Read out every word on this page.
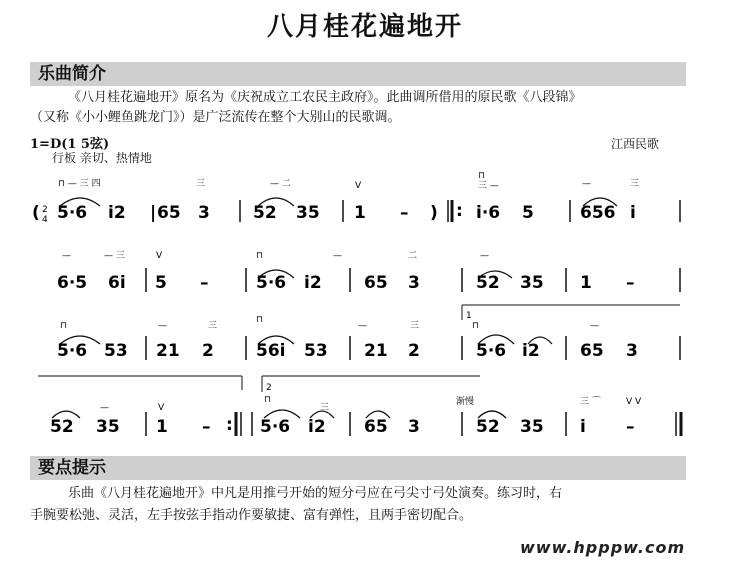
八月桂花遍地开
乐曲简介
《八月桂花遍地开》原名为《庆祝成立工农民主政府》。此曲调所借用的原民歌《八段锦》
（又称《小小鲤鱼跳龙门》）是广泛流传在整个大别山的民歌调。
1=D(1 5弦)
行板 亲切、热情地
江西民歌
⊓ — 三 四	三	— 二	V
⊓
三 —	—	三
( 2
4 5·6 i2 | 65 3	52 35 1 – ) : i·6 5	656 i
—	— 三	V	⊓	—	二	—
6·5 6i 5 –	5·6 i2 65 3	52 35 1 –
1
⊓	—	三
⊓
—	三	⊓	—
5·6 53 21 2 56i 53 21 2	5·6 i2 65 3
2
渐慢
—	V
⊓
三
三 ⌒	V V
52 35 1 – : 5·6 i2 65 3	52 35 i –
要点提示
乐曲《八月桂花遍地开》中凡是用推弓开始的短分弓应在弓尖寸弓处演奏。练习时，右
手腕要松弛、灵活，左手按弦手指动作要敏捷、富有弹性，且两手密切配合。
www.hpppw.com
